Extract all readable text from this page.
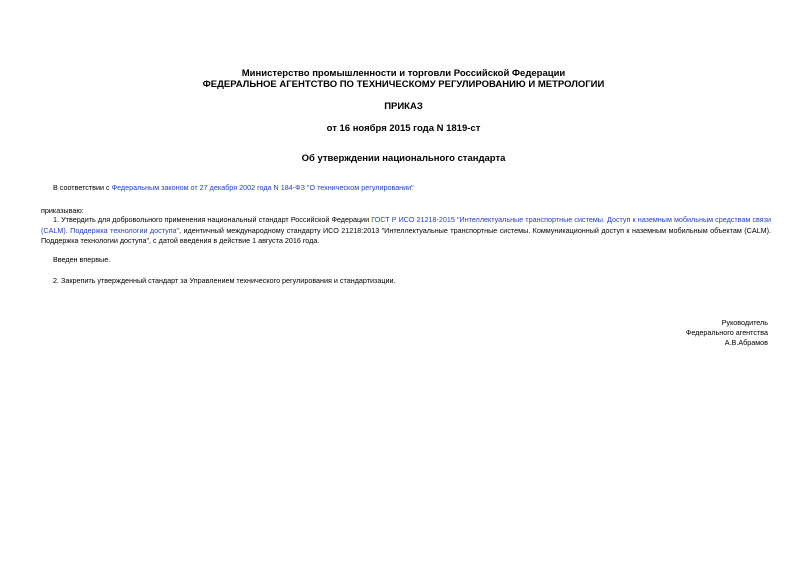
Министерство промышленности и торговли Российской Федерации
ФЕДЕРАЛЬНОЕ АГЕНТСТВО ПО ТЕХНИЧЕСКОМУ РЕГУЛИРОВАНИЮ И МЕТРОЛОГИИ
ПРИКАЗ
от 16 ноября 2015 года N 1819-ст
Об утверждении национального стандарта
В соответствии с Федеральным законом от 27 декабря 2002 года N 184-ФЗ "О техническом регулировании"
приказываю:
1. Утвердить для добровольного применения национальный стандарт Российской Федерации ГОСТ Р ИСО 21218-2015 "Интеллектуальные транспортные системы. Доступ к наземным мобильным средствам связи (CALM). Поддержка технологии доступа", идентичный международному стандарту ИСО 21218:2013 "Интеллектуальные транспортные системы. Коммуникационный доступ к наземным мобильным объектам (CALM). Поддержка технологии доступа", с датой введения в действие 1 августа 2016 года.
Введен впервые.
2. Закрепить утвержденный стандарт за Управлением технического регулирования и стандартизации.
Руководитель
Федерального агентства
А.В.Абрамов
